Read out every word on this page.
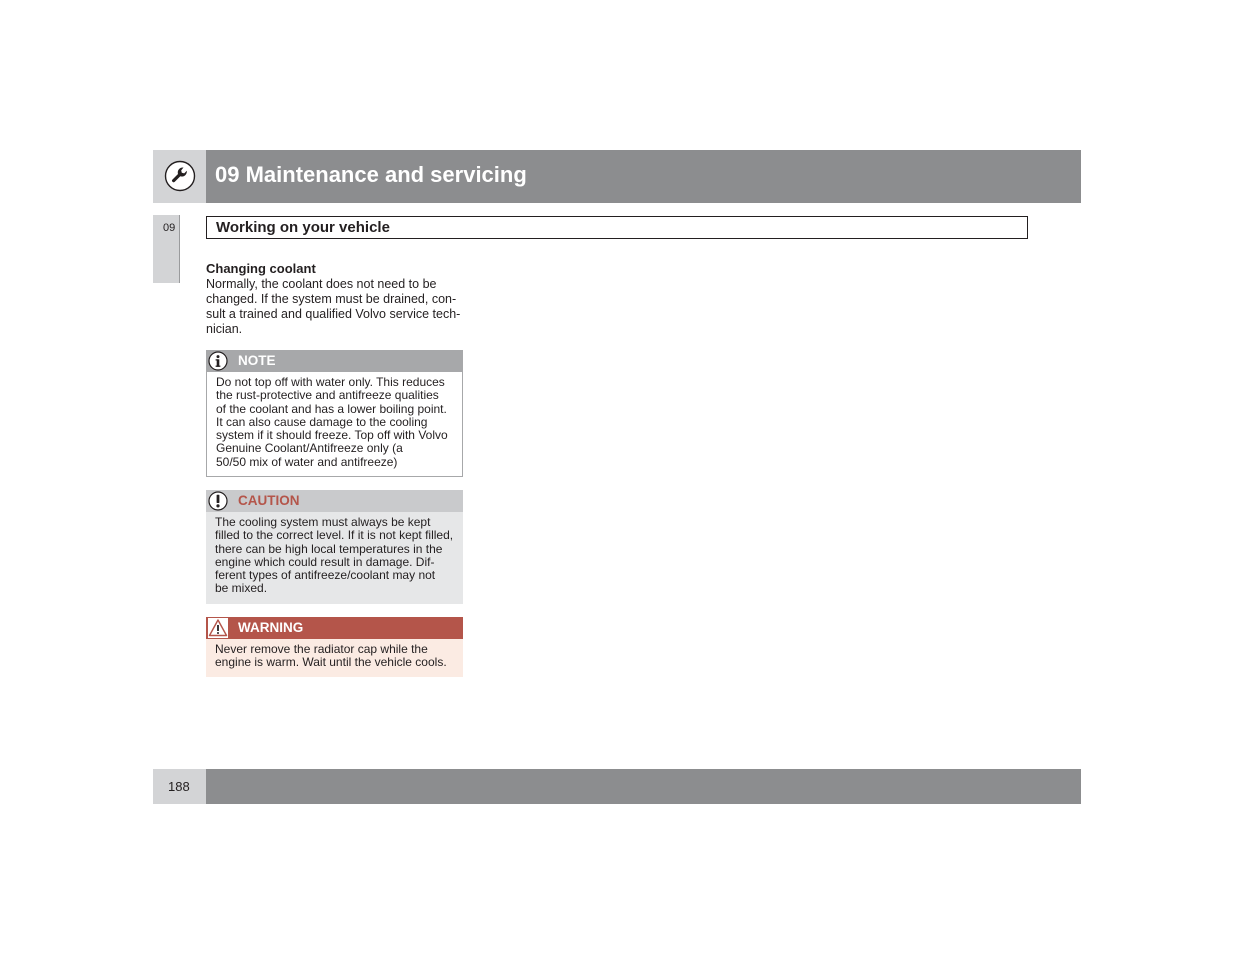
09 Maintenance and servicing
09	Working on your vehicle
Changing coolant
Normally, the coolant does not need to be
changed. If the system must be drained, con-
sult a trained and qualified Volvo service tech-
nician.
NOTE
Do not top off with water only. This reduces
the rust-protective and antifreeze qualities
of the coolant and has a lower boiling point.
It can also cause damage to the cooling
system if it should freeze. Top off with Volvo
Genuine Coolant/Antifreeze only (a
50/50 mix of water and antifreeze)
CAUTION
The cooling system must always be kept
filled to the correct level. If it is not kept filled,
there can be high local temperatures in the
engine which could result in damage. Dif-
ferent types of antifreeze/coolant may not
be mixed.
WARNING
Never remove the radiator cap while the
engine is warm. Wait until the vehicle cools.
188
